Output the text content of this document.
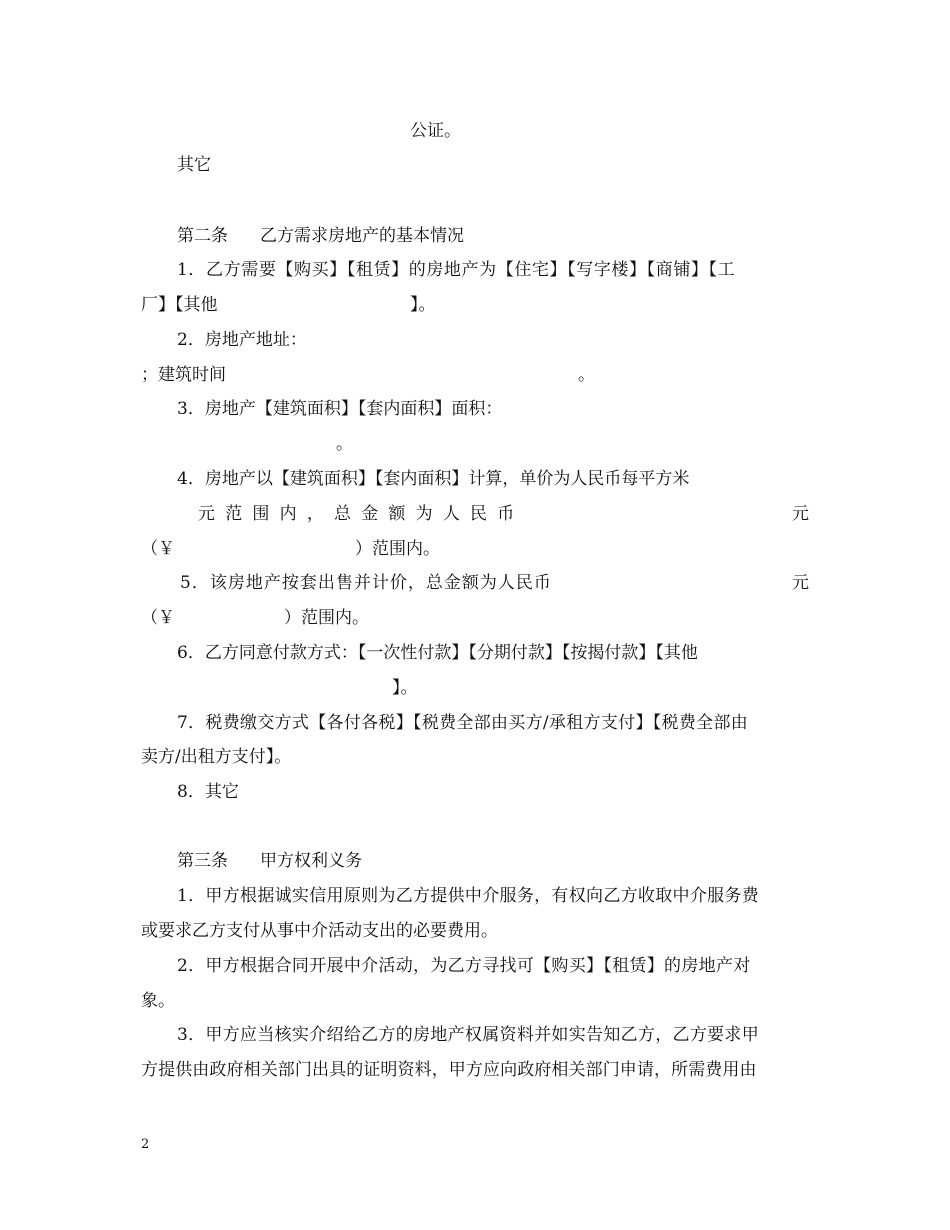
公证。
其它
第二条 乙方需求房地产的基本情况
1．乙方需要【购买】【租赁】的房地产为【住宅】【写字楼】【商铺】【工
厂】【其他	】。
2．房地产地址：
；建筑时间	。
3．房地产【建筑面积】【套内面积】面积：
。
4．房地产以【建筑面积】【套内面积】计算，单价为人民币每平方米
元 范 围 内 ， 总 金 额 为 人 民 币	元
（￥	）范围内。
5．该房地产按套出售并计价，总金额为人民币	元
（￥	）范围内。
6．乙方同意付款方式：【一次性付款】【分期付款】【按揭付款】【其他
】。
7．税费缴交方式【各付各税】【税费全部由买方/承租方支付】【税费全部由
卖方/出租方支付】。
8．其它
第三条 甲方权利义务
1．甲方根据诚实信用原则为乙方提供中介服务，有权向乙方收取中介服务费
或要求乙方支付从事中介活动支出的必要费用。
2．甲方根据合同开展中介活动，为乙方寻找可【购买】【租赁】的房地产对
象。
3．甲方应当核实介绍给乙方的房地产权属资料并如实告知乙方，乙方要求甲
方提供由政府相关部门出具的证明资料，甲方应向政府相关部门申请，所需费用由
2
